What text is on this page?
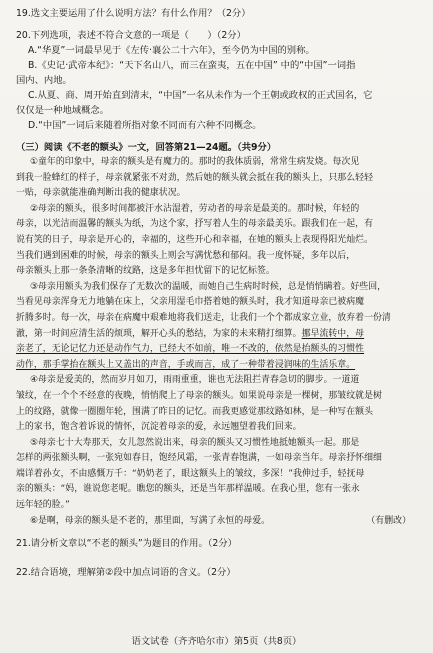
19.选文主要运用了什么说明方法？有什么作用？（2分）

20.下列选项，表述不符合文意的一项是（　　）（2分）

A.“华夏”一词最早见于《左传·襄公二十六年》，至今仍为中国的别称。

B.《史记·武帝本纪》：“天下名山八，而三在蛮夷，五在中国” 中的“中国”一词指

国内、内地。

C.从夏、商、周开始直到清末，“中国”一名从未作为一个王朝或政权的正式国名，它

仅仅是一种地域概念。

D.“中国”一词后来随着所指对象不同而有六种不同概念。

（三）阅读《不老的额头》一文，回答第21—24题。（共9分）

①童年的印象中，母亲的额头是有魔力的。那时的我体质弱，常常生病发烧。每次见

到我一脸蜂红的样子，母亲就紧张不对劲，然后她的额头就会抵在我的额头上，只那么轻轻

一贴，母亲就能准确判断出我的健康状况。

②母亲的额头，很多时间都被汗水沾湿着，劳动者的母亲是最美的。那时候，年轻的

母亲，以光洁而温馨的额头为纸，为这个家，抒写着人生的母亲最美乐。跟我们在一起，有

说有笑的日子，母亲是开心的，幸福的，这些开心和幸福，在她的额头上表现得阳光灿烂。

当我们遇到困难的时候，母亲的额头上则会写满忧愁和郁闷。我一度怀疑，多年以后，

母亲额头上那一条条清晰的纹路，这是多年担忧留下的记忆标签。

③母亲用额头为我们保存了无数次的温暖，而她自己生病时时候，总是悄悄瞒着。好些回，

当看见母亲浑身无力地躺在床上，父亲用湿毛巾搭着她的额头时，我才知道母亲已被病魔

折腾多时。每一次，母亲在病魔中艰难地将我们送走，让我们一个个都成家立业，放弃着一份清

澈，第一时间应清生活的烦琐，解开心头的愁结，为家的未来精打细算。挪早流转中，母

亲老了，无论记忆力还是动作气力，已经大不如前，唯一不改的，依然是抬额头的习惯性

动作，那手掌抬在额头上又盖出的声音，手或而言，成了一种带着浸润味的生活乐章。

④母亲是爱美的，然而岁月如刀，雨雨重重，谁也无法阻拦青春急切的脚步。一道道

皱纹，在一个个不经意的夜晚，悄悄爬上了母亲的额头。如果说母亲是一棵树，那皱纹就是树

上的纹路，就像一圈圈年轮，围满了昨日的记忆。而我更感觉那纹路如林，是一种写在额头

上的家书，饱含着诉说的情怀，沉淀着母亲的爱，永远翘望着我们回来。

⑤母亲七十大寿那天，女儿忽然说出来，母亲的额头又习惯性地抵她额头一起。那是

怎样的两张额头啊，一张宛如春日，饱经风霜，一张青春饱满，一如母亲当年。母亲抒怀细细

端详着孙女，不由感慨万千：“奶奶老了，眼这额头上的皱纹，多深！”我伸过手，轻抚母

亲的额头：“妈，谁说您老呢。瞧您的额头，还是当年那样温暖。在我心里，您有一张永

远年轻的脸。”

⑥是啊，母亲的额头是不老的，那里面，写满了永恒的母爱。	（有删改）

21.请分析文章以“不老的额头”为题目的作用。（2分）

22.结合语境，理解第②段中加点词语的含义。（2分）

语文试卷（齐齐哈尔市）第5页（共8页）
